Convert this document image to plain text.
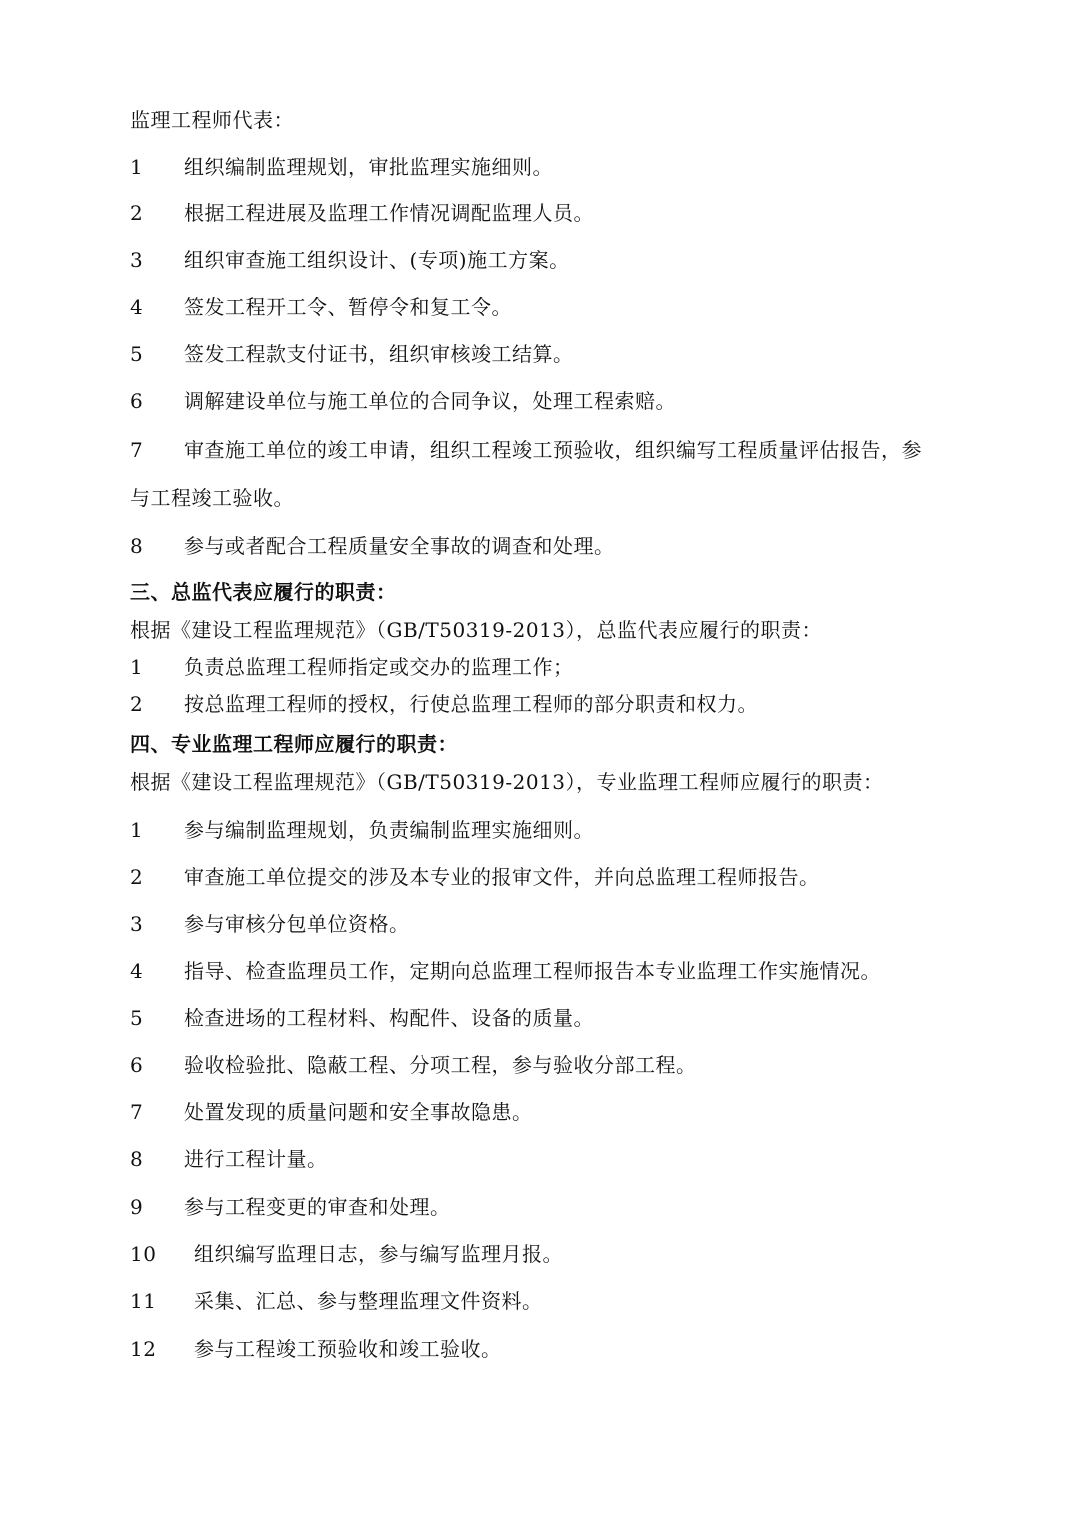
监理工程师代表：
1 组织编制监理规划，审批监理实施细则。
2 根据工程进展及监理工作情况调配监理人员。
3 组织审查施工组织设计、(专项)施工方案。
4 签发工程开工令、暂停令和复工令。
5 签发工程款支付证书，组织审核竣工结算。
6 调解建设单位与施工单位的合同争议，处理工程索赔。
7 审查施工单位的竣工申请，组织工程竣工预验收，组织编写工程质量评估报告，参
与工程竣工验收。
8 参与或者配合工程质量安全事故的调查和处理。
三、总监代表应履行的职责：
根据《建设工程监理规范》（GB/T50319-2013），总监代表应履行的职责：
1 负责总监理工程师指定或交办的监理工作；
2 按总监理工程师的授权，行使总监理工程师的部分职责和权力。
四、专业监理工程师应履行的职责：
根据《建设工程监理规范》（GB/T50319-2013），专业监理工程师应履行的职责：
1 参与编制监理规划，负责编制监理实施细则。
2 审查施工单位提交的涉及本专业的报审文件，并向总监理工程师报告。
3 参与审核分包单位资格。
4 指导、检查监理员工作，定期向总监理工程师报告本专业监理工作实施情况。
5 检查进场的工程材料、构配件、设备的质量。
6 验收检验批、隐蔽工程、分项工程，参与验收分部工程。
7 处置发现的质量问题和安全事故隐患。
8 进行工程计量。
9 参与工程变更的审查和处理。
10 组织编写监理日志，参与编写监理月报。
11 采集、汇总、参与整理监理文件资料。
12 参与工程竣工预验收和竣工验收。
